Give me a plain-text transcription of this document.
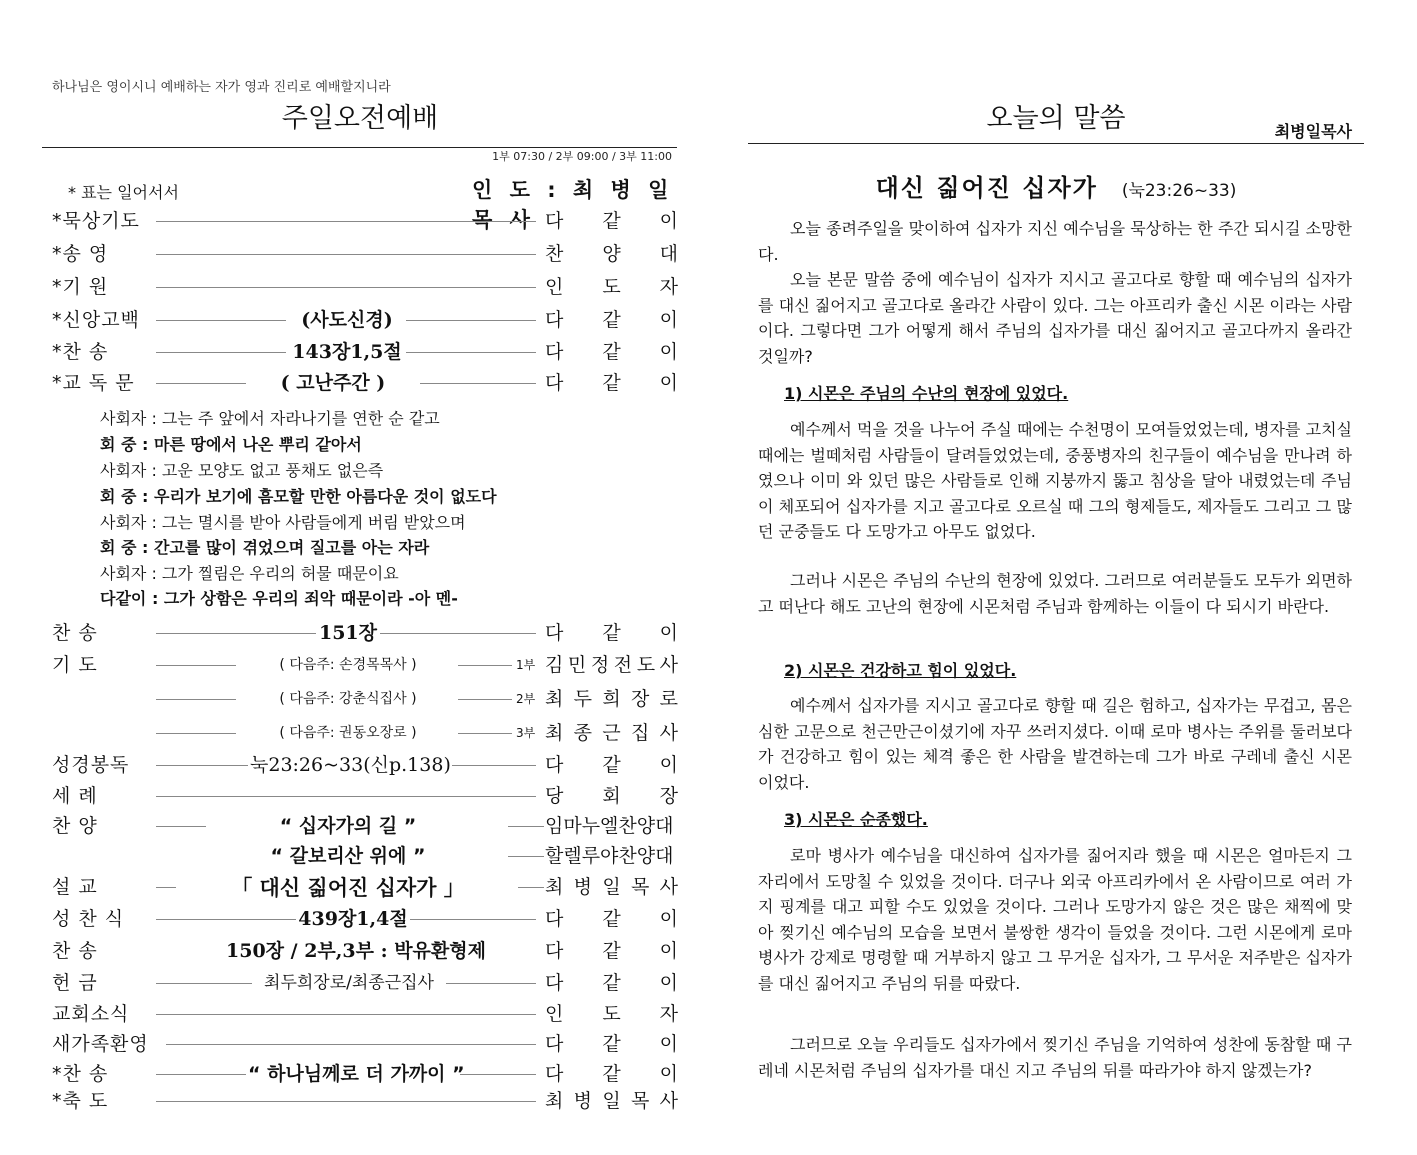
하나님은 영이시니 예배하는 자가 영과 진리로 예배할지니라
주일오전예배
1부 07:30 / 2부 09:00 / 3부 11:00
* 표는 일어서서	인 도 : 최 병 일 목 사
*묵상기도	다 같 이
*송 영	찬 양 대
*기 원	인 도 자
*신앙고백	(사도신경)	다 같 이
*찬 송	143장1,5절	다 같 이
*교 독 문	( 고난주간 )	다 같 이
사회자 : 그는 주 앞에서 자라나기를 연한 순 같고
회 중 : 마른 땅에서 나온 뿌리 같아서
사회자 : 고운 모양도 없고 풍채도 없은즉
회 중 : 우리가 보기에 흠모할 만한 아름다운 것이 없도다
사회자 : 그는 멸시를 받아 사람들에게 버림 받았으며
회 중 : 간고를 많이 겪었으며 질고를 아는 자라
사회자 : 그가 찔림은 우리의 허물 때문이요
다같이 : 그가 상함은 우리의 죄악 때문이라 -아 멘-
찬 송	151장	다 같 이
기 도	( 다음주: 손경목목사 )	1부 김 민 정 전 도 사
( 다음주: 강춘식집사 )	2부 최 두 희 장 로
( 다음주: 권동오장로 )	3부 최 종 근 집 사
성경봉독	눅23:26~33(신p.138)	다 같 이
세 례	당 회 장
찬 양	“ 십자가의 길 ”	임마누엘찬양대
“ 갈보리산 위에 ”	할렐루야찬양대
설 교	「 대신 짊어진 십자가 」	최 병 일 목 사
성 찬 식	439장1,4절	다 같 이
찬 송	150장 / 2부,3부 : 박유환형제	다 같 이
헌 금	최두희장로/최종근집사	다 같 이
교회소식	인 도 자
새가족환영	다 같 이
*찬 송	“ 하나님께로 더 가까이 ”	다 같 이
*축 도	최 병 일 목 사
오늘의 말씀	최병일목사
대신 짊어진 십자가 (눅23:26~33)

오늘 종려주일을 맞이하여 십자가 지신 예수님을 묵상하는 한 주간 되시길 소망한다.

오늘 본문 말씀 중에 예수님이 십자가 지시고 골고다로 향할 때 예수님의 십자가를 대신 짊어지고 골고다로 올라간 사람이 있다. 그는 아프리카 출신 시몬 이라는 사람이다. 그렇다면 그가 어떻게 해서 주님의 십자가를 대신 짊어지고 골고다까지 올라간 것일까?

1) 시몬은 주님의 수난의 현장에 있었다.

예수께서 먹을 것을 나누어 주실 때에는 수천명이 모여들었었는데, 병자를 고치실 때에는 벌떼처럼 사람들이 달려들었었는데, 중풍병자의 친구들이 예수님을 만나려 하였으나 이미 와 있던 많은 사람들로 인해 지붕까지 뚫고 침상을 달아 내렸었는데 주님이 체포되어 십자가를 지고 골고다로 오르실 때 그의 형제들도, 제자들도 그리고 그 많던 군중들도 다 도망가고 아무도 없었다.

그러나 시몬은 주님의 수난의 현장에 있었다. 그러므로 여러분들도 모두가 외면하고 떠난다 해도 고난의 현장에 시몬처럼 주님과 함께하는 이들이 다 되시기 바란다.

2) 시몬은 건강하고 힘이 있었다.

예수께서 십자가를 지시고 골고다로 향할 때 길은 험하고, 십자가는 무겁고, 몸은 심한 고문으로 천근만근이셨기에 자꾸 쓰러지셨다. 이때 로마 병사는 주위를 둘러보다가 건강하고 힘이 있는 체격 좋은 한 사람을 발견하는데 그가 바로 구레네 출신 시몬 이었다.

3) 시몬은 순종했다.

로마 병사가 예수님을 대신하여 십자가를 짊어지라 했을 때 시몬은 얼마든지 그 자리에서 도망칠 수 있었을 것이다. 더구나 외국 아프리카에서 온 사람이므로 여러 가지 핑계를 대고 피할 수도 있었을 것이다. 그러나 도망가지 않은 것은 많은 채찍에 맞아 찢기신 예수님의 모습을 보면서 불쌍한 생각이 들었을 것이다. 그런 시몬에게 로마 병사가 강제로 명령할 때 거부하지 않고 그 무거운 십자가, 그 무서운 저주받은 십자가를 대신 짊어지고 주님의 뒤를 따랐다.

그러므로 오늘 우리들도 십자가에서 찢기신 주님을 기억하여 성찬에 동참할 때 구레네 시몬처럼 주님의 십자가를 대신 지고 주님의 뒤를 따라가야 하지 않겠는가?
